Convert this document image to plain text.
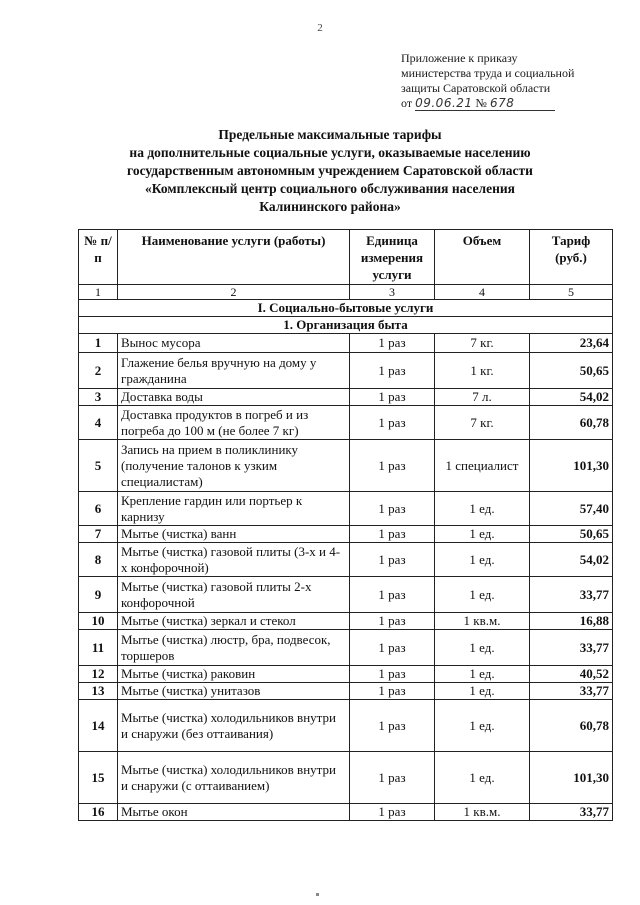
2
Приложение к приказу
министерства труда и социальной
защиты Саратовской области
от 09.06.21 № 678
Предельные максимальные тарифы
на дополнительные социальные услуги, оказываемые населению
государственным автономным учреждением Саратовской области
«Комплексный центр социального обслуживания населения
Калининского района»
№ п/п	Наименование услуги (работы)	Единица измерения услуги	Объем	Тариф
(руб.)
1	2	3	4	5
I. Социально-бытовые услуги				
1. Организация быта				
1	Вынос мусора	1 раз	7 кг.	23,64
2	Глажение белья вручную на дому у гражданина	1 раз	1 кг.	50,65
3	Доставка воды	1 раз	7 л.	54,02
4	Доставка продуктов в погреб и из погреба до 100 м (не более 7 кг)	1 раз	7 кг.	60,78
5	Запись на прием в поликлинику (получение талонов к узким специалистам)	1 раз	1 специалист	101,30
6	Крепление гардин или портьер к карнизу	1 раз	1 ед.	57,40
7	Мытье (чистка) ванн	1 раз	1 ед.	50,65
8	Мытье (чистка) газовой плиты (3-х и 4-х конфорочной)	1 раз	1 ед.	54,02
9	Мытье (чистка) газовой плиты 2-х конфорочной	1 раз	1 ед.	33,77
10	Мытье (чистка) зеркал и стекол	1 раз	1 кв.м.	16,88
11	Мытье (чистка) люстр, бра, подвесок, торшеров	1 раз	1 ед.	33,77
12	Мытье (чистка) раковин	1 раз	1 ед.	40,52
13	Мытье (чистка) унитазов	1 раз	1 ед.	33,77
14	Мытье (чистка) холодильников внутри и снаружи (без оттаивания)	1 раз	1 ед.	60,78
15	Мытье (чистка) холодильников внутри и снаружи (с оттаиванием)	1 раз	1 ед.	101,30
16	Мытье окон	1 раз	1 кв.м.	33,77
